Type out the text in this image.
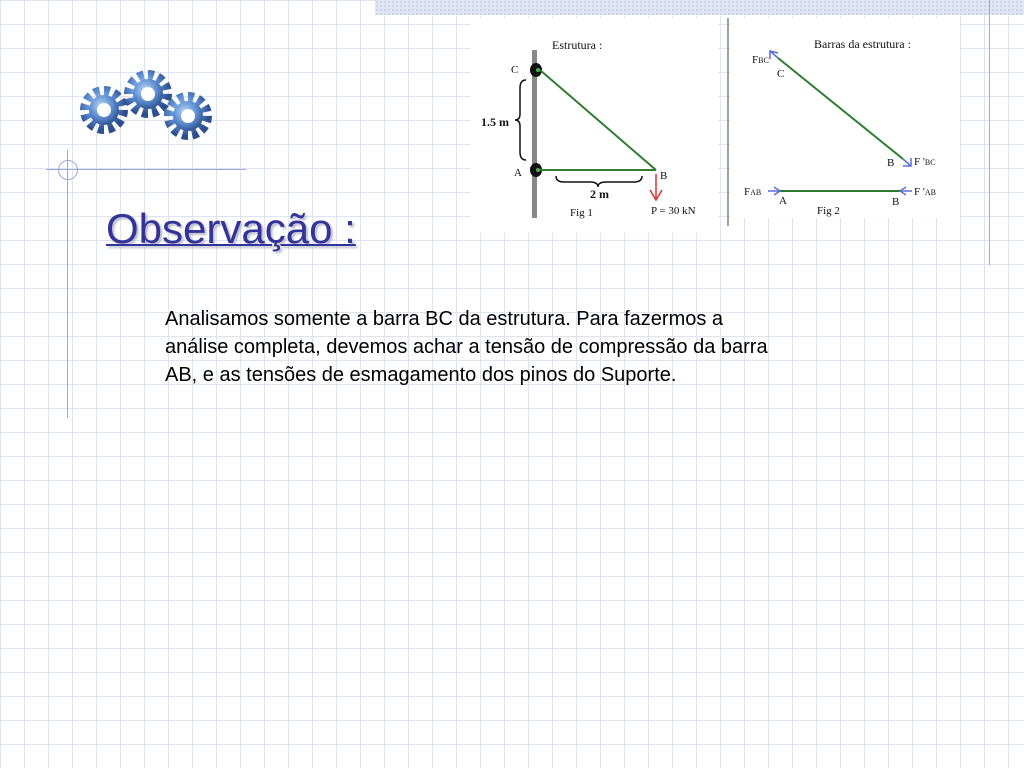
Estrutura :
C
A	B
1.5 m
2 m
Fig 1	P = 30 kN
Barras da estrutura :
FBC
C
B F 'BC
FAB	F 'AB
A	B
Fig 2
Observação :

Analisamos somente a barra BC da estrutura. Para fazermos a análise completa, devemos achar a tensão de compressão da barra AB, e as tensões de esmagamento dos pinos do Suporte.
